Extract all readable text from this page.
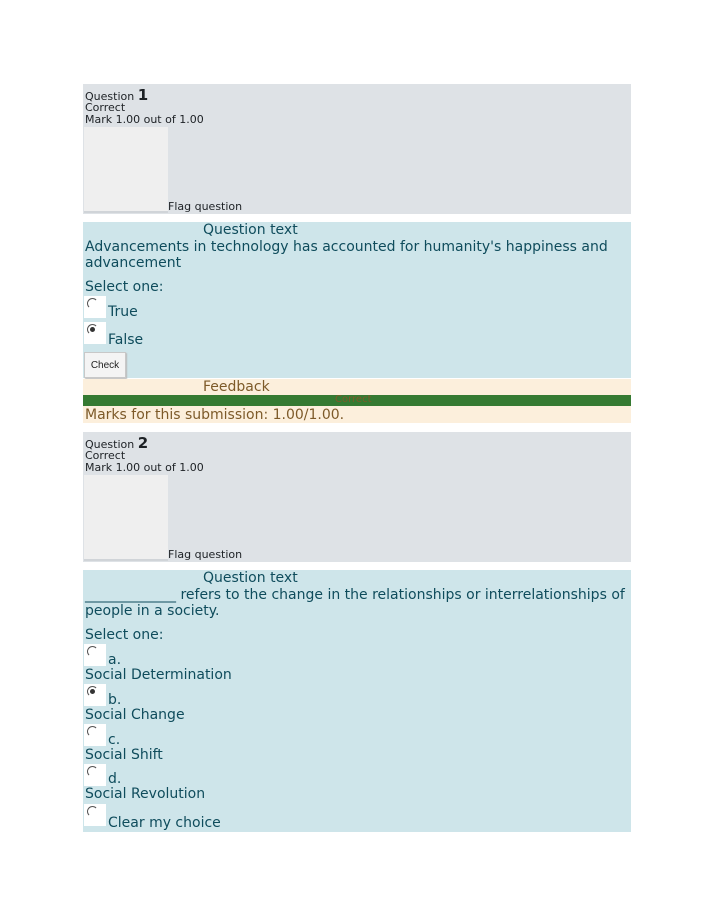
Question 1
Correct
Mark 1.00 out of 1.00
Flag question
Question text
Advancements in technology has accounted for humanity's happiness and advancement
Select one:
True
False
Check
Feedback
Correct
Marks for this submission: 1.00/1.00.
Question 2
Correct
Mark 1.00 out of 1.00
Flag question
Question text
_____________ refers to the change in the relationships or interrelationships of people in a society.
Select one:
a.
Social Determination
b.
Social Change
c.
Social Shift
d.
Social Revolution
Clear my choice
